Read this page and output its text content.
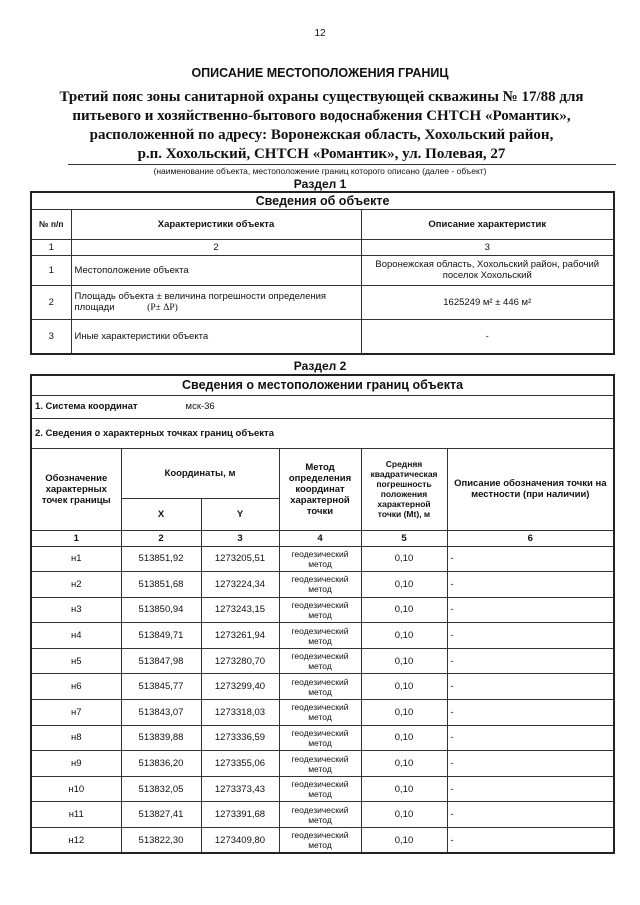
12
ОПИСАНИЕ МЕСТОПОЛОЖЕНИЯ ГРАНИЦ
Третий пояс зоны санитарной охраны существующей скважины № 17/88 для
питьевого и хозяйственно-бытового водоснабжения СНТСН «Романтик»,
расположенной по адресу: Воронежская область, Хохольский район,
р.п. Хохольский, СНТСН «Романтик», ул. Полевая, 27
(наименование объекта, местоположение границ которого описано (далее - объект)
Раздел 1
Сведения об объекте		
№ п/п	Характеристики объекта	Описание характеристик
1	2	3
1	Местоположение объекта	Воронежская область, Хохольский район, рабочий поселок Хохольский
2	Площадь объекта ± величина погрешности определения площади (P± ΔP)	1625249 м² ± 446 м²
3	Иные характеристики объекта	-
Раздел 2
Сведения о местоположении границ объекта					
1. Система координат мск-36					
2. Сведения о характерных точках границ объекта					
Обозначение характерных точек границы	Координаты, м		Метод определения координат характерной точки	Средняя квадратическая погрешность положения характерной точки (Mt), м	Описание обозначения точки на местности (при наличии)
	X	Y			
1	2	3	4	5	6
н1	513851,92	1273205,51	геодезический метод	0,10	-
н2	513851,68	1273224,34	геодезический метод	0,10	-
н3	513850,94	1273243,15	геодезический метод	0,10	-
н4	513849,71	1273261,94	геодезический метод	0,10	-
н5	513847,98	1273280,70	геодезический метод	0,10	-
н6	513845,77	1273299,40	геодезический метод	0,10	-
н7	513843,07	1273318,03	геодезический метод	0,10	-
н8	513839,88	1273336,59	геодезический метод	0,10	-
н9	513836,20	1273355,06	геодезический метод	0,10	-
н10	513832,05	1273373,43	геодезический метод	0,10	-
н11	513827,41	1273391,68	геодезический метод	0,10	-
н12	513822,30	1273409,80	геодезический метод	0,10	-
